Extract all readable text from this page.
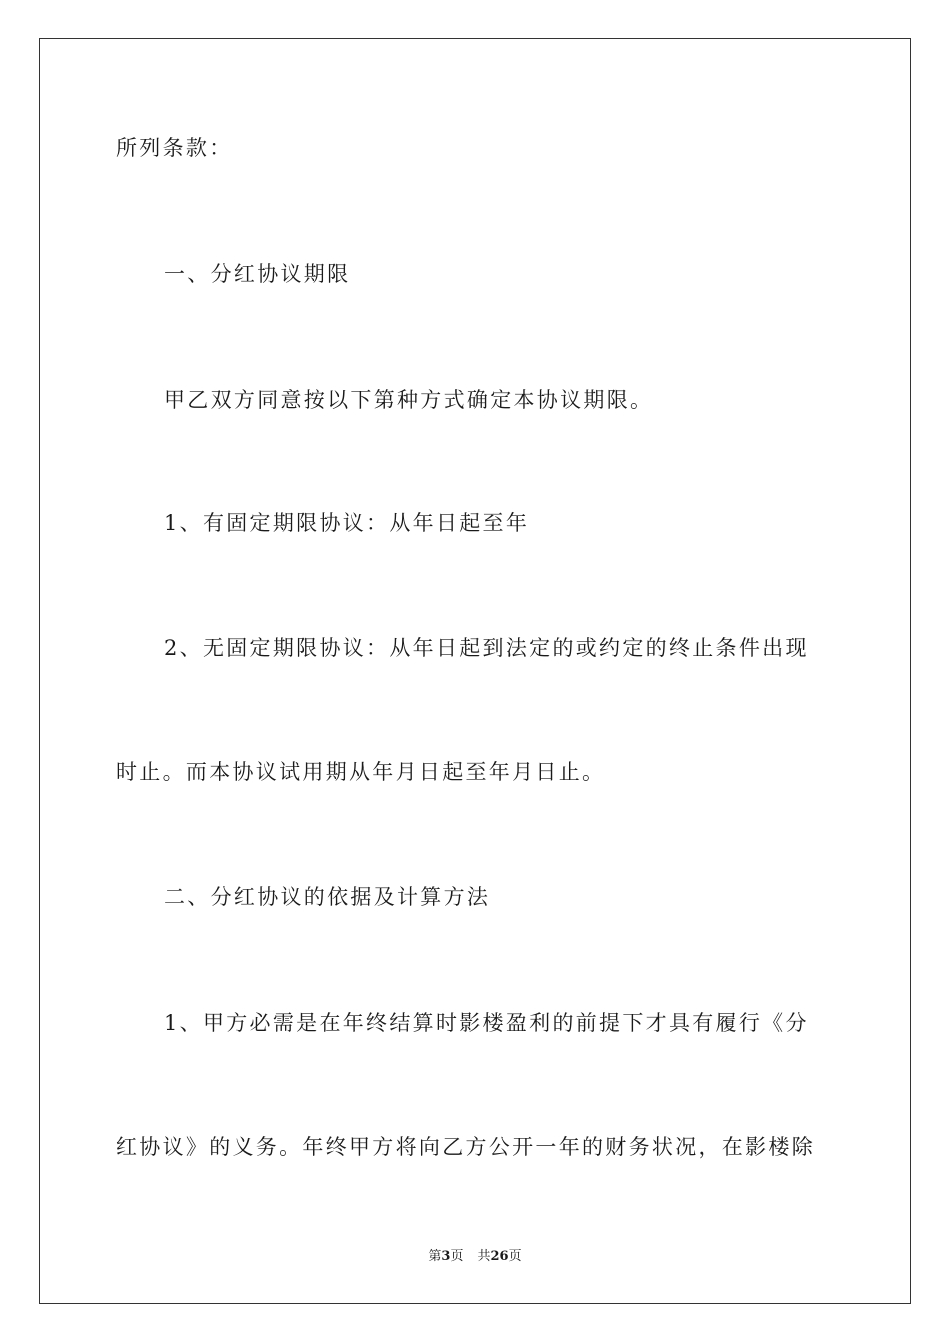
所列条款：

一、分红协议期限

甲乙双方同意按以下第种方式确定本协议期限。

1、有固定期限协议：从年日起至年

2、无固定期限协议：从年日起到法定的或约定的终止条件出现

时止。而本协议试用期从年月日起至年月日止。

二、分红协议的依据及计算方法

1、甲方必需是在年终结算时影楼盈利的前提下才具有履行《分

红协议》的义务。年终甲方将向乙方公开一年的财务状况，在影楼除

第3页 共26页
